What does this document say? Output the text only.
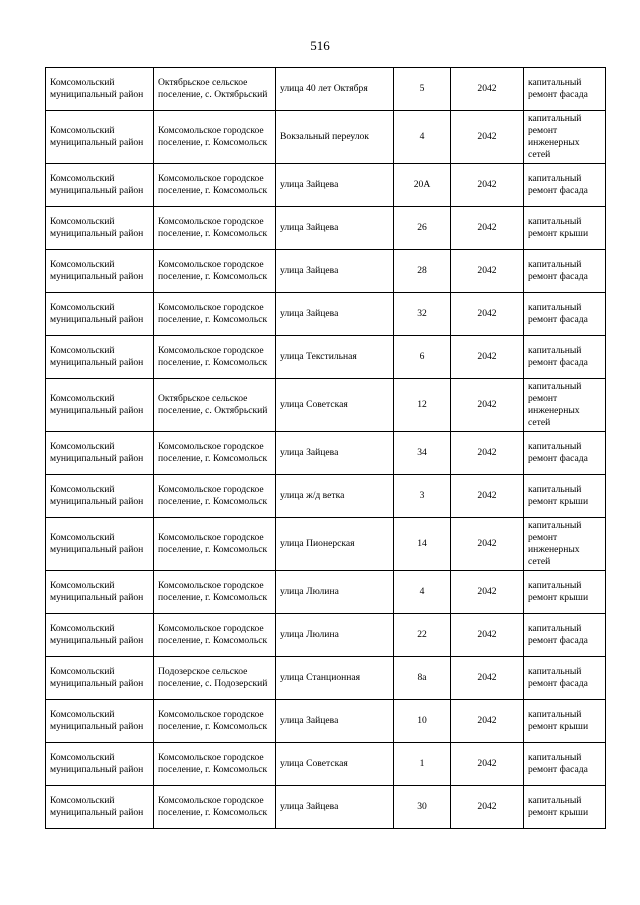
516
Комсомольский муниципальный район	Октябрьское сельское поселение, с. Октябрьский	улица 40 лет Октября	5	2042	капитальный ремонт фасада
Комсомольский муниципальный район	Комсомольское городское поселение, г. Комсомольск	Вокзальный переулок	4	2042	капитальный ремонт инженерных сетей
Комсомольский муниципальный район	Комсомольское городское поселение, г. Комсомольск	улица Зайцева	20А	2042	капитальный ремонт фасада
Комсомольский муниципальный район	Комсомольское городское поселение, г. Комсомольск	улица Зайцева	26	2042	капитальный ремонт крыши
Комсомольский муниципальный район	Комсомольское городское поселение, г. Комсомольск	улица Зайцева	28	2042	капитальный ремонт фасада
Комсомольский муниципальный район	Комсомольское городское поселение, г. Комсомольск	улица Зайцева	32	2042	капитальный ремонт фасада
Комсомольский муниципальный район	Комсомольское городское поселение, г. Комсомольск	улица Текстильная	6	2042	капитальный ремонт фасада
Комсомольский муниципальный район	Октябрьское сельское поселение, с. Октябрьский	улица Советская	12	2042	капитальный ремонт инженерных сетей
Комсомольский муниципальный район	Комсомольское городское поселение, г. Комсомольск	улица Зайцева	34	2042	капитальный ремонт фасада
Комсомольский муниципальный район	Комсомольское городское поселение, г. Комсомольск	улица ж/д ветка	3	2042	капитальный ремонт крыши
Комсомольский муниципальный район	Комсомольское городское поселение, г. Комсомольск	улица Пионерская	14	2042	капитальный ремонт инженерных сетей
Комсомольский муниципальный район	Комсомольское городское поселение, г. Комсомольск	улица Люлина	4	2042	капитальный ремонт крыши
Комсомольский муниципальный район	Комсомольское городское поселение, г. Комсомольск	улица Люлина	22	2042	капитальный ремонт фасада
Комсомольский муниципальный район	Подозерское сельское поселение, с. Подозерский	улица Станционная	8а	2042	капитальный ремонт фасада
Комсомольский муниципальный район	Комсомольское городское поселение, г. Комсомольск	улица Зайцева	10	2042	капитальный ремонт крыши
Комсомольский муниципальный район	Комсомольское городское поселение, г. Комсомольск	улица Советская	1	2042	капитальный ремонт фасада
Комсомольский муниципальный район	Комсомольское городское поселение, г. Комсомольск	улица Зайцева	30	2042	капитальный ремонт крыши
